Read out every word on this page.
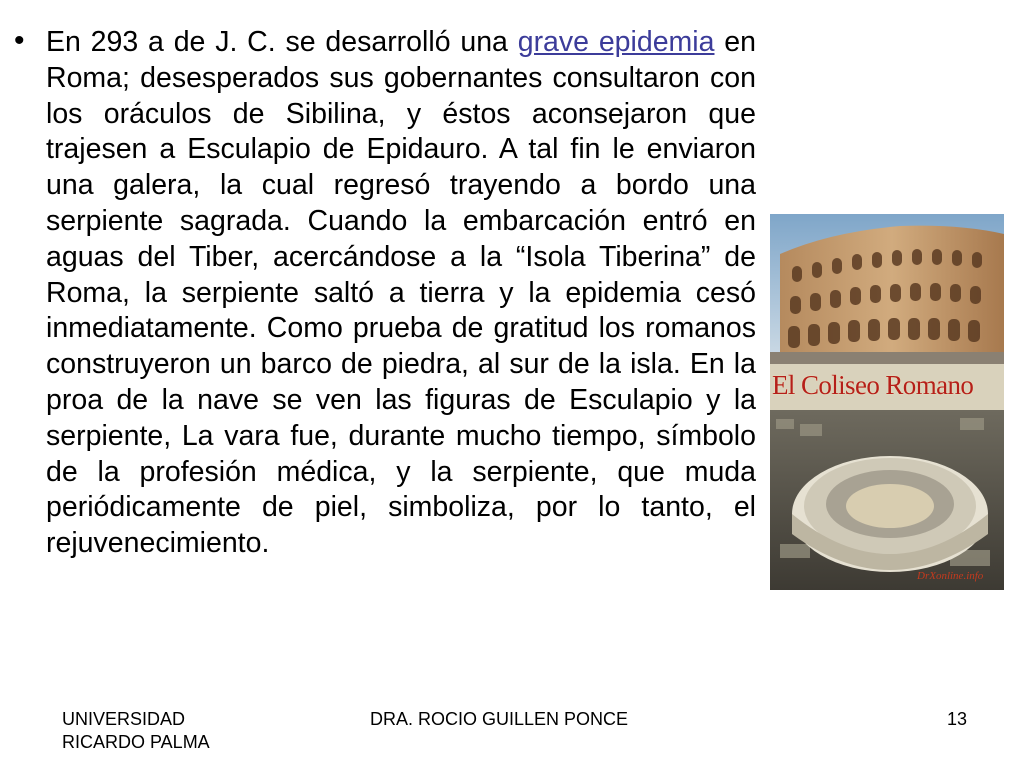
• En 293 a de J. C. se desarrolló una grave epidemia en Roma; desesperados sus gobernantes consultaron con los oráculos de Sibilina, y éstos aconsejaron que trajesen a Esculapio de Epidauro. A tal fin le enviaron una galera, la cual regresó trayendo a bordo una serpiente sagrada. Cuando la embarcación entró en aguas del Tiber, acercándose a la “Isola Tiberina” de Roma, la serpiente saltó a tierra y la epidemia cesó inmediatamente. Como prueba de gratitud los romanos construyeron un barco de piedra, al sur de la isla. En la proa de la nave se ven las figuras de Esculapio y la serpiente, La vara fue, durante mucho tiempo, símbolo de la profesión médica, y la serpiente, que muda periódicamente de piel, simboliza, por lo tanto, el rejuvenecimiento.

El Coliseo Romano
DrXonline.info
UNIVERSIDAD
RICARDO PALMA
DRA. ROCIO GUILLEN PONCE	13
